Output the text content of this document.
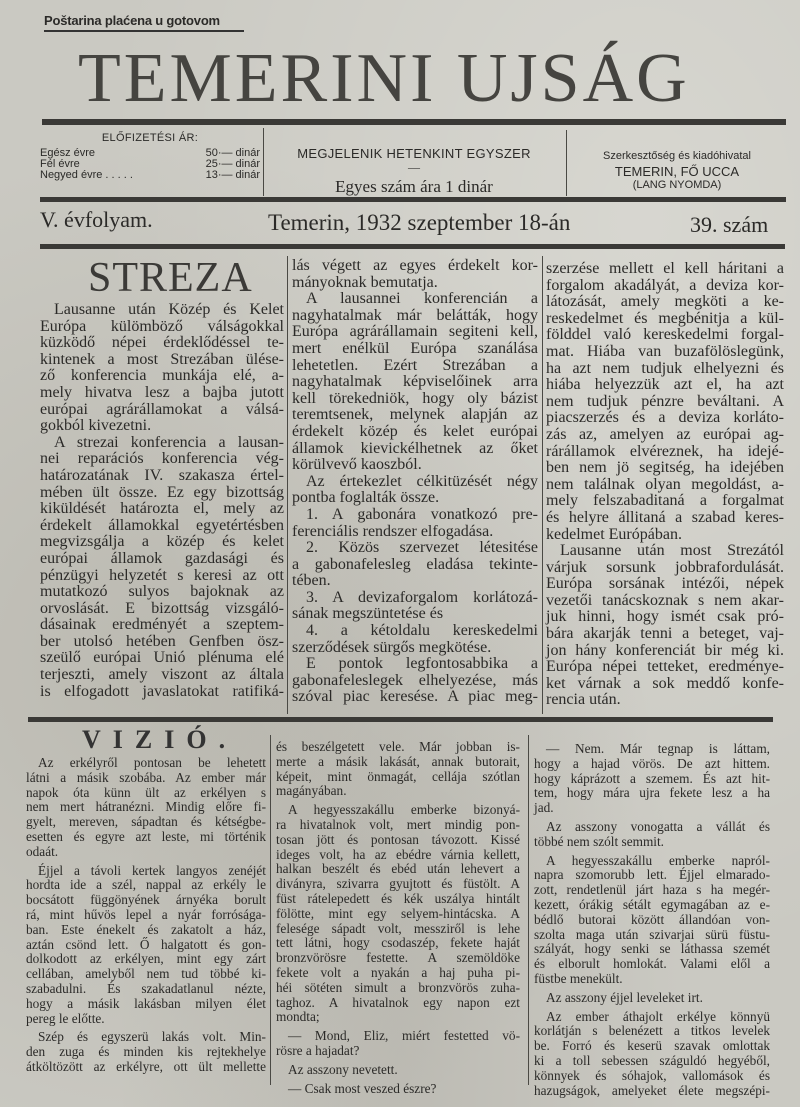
Poštarina plaćena u gotovom
TEMERINI UJSÁG
ELŐFIZETÉSI ÁR:
Egész évre	50·— dinár
Fél évre	25·— dinár
Negyed évre . . . . .	13·— dinár
MEGJELENIK HETENKINT EGYSZER
—
Egyes szám ára 1 dinár
Szerkesztőség és kiadóhivatal
TEMERIN, FŐ UCCA
(LANG NYOMDA)
V. évfolyam.	Temerin, 1932 szeptember 18-án	39. szám
STREZA
Lausanne után Közép és Kelet
Európa külömböző válságokkal
küzködő népei érdeklődéssel te-
kintenek a most Strezában ülése-
ző konferencia munkája elé, a-
mely hivatva lesz a bajba jutott
európai agrárállamokat a válsá-
gokból kivezetni.
A strezai konferencia a lausan-
nei reparációs konferencia vég-
határozatának IV. szakasza értel-
mében ült össze. Ez egy bizottság
kiküldését határozta el, mely az
érdekelt államokkal egyetértésben
megvizsgálja a közép és kelet
európai államok gazdasági és
pénzügyi helyzetét s keresi az ott
mutatkozó sulyos bajoknak az
orvoslását. E bizottság vizsgáló-
dásainak eredményét a szeptem-
ber utolsó hetében Genfben ösz-
szeülő európai Unió plénuma elé
terjeszti, amely viszont az általa
is elfogadott javaslatokat ratifiká-
lás végett az egyes érdekelt kor-
mányoknak bemutatja.
A lausannei konferencián a
nagyhatalmak már belátták, hogy
Európa agrárállamain segiteni kell,
mert enélkül Európa szanálása
lehetetlen. Ezért Strezában a
nagyhatalmak képviselőinek arra
kell törekedniök, hogy oly bázist
teremtsenek, melynek alapján az
érdekelt közép és kelet európai
államok kievickélhetnek az őket
körülvevő kaoszból.
Az értekezlet célkitüzését négy
pontba foglalták össze.
1. A gabonára vonatkozó pre-
ferenciális rendszer elfogadása.
2. Közös szervezet létesitése
a gabonafelesleg eladása tekinte-
tében.
3. A devizaforgalom korlátozá-
sának megszüntetése és
4. a kétoldalu kereskedelmi
szerződések sürgős megkötése.
E pontok legfontosabbika a
gabonafeleslegek elhelyezése, más
szóval piac keresése. A piac meg-
szerzése mellett el kell háritani a
forgalom akadályát, a deviza kor-
látozását, amely megköti a ke-
reskedelmet és megbénitja a kül-
földdel való kereskedelmi forgal-
mat. Hiába van buzafölöslegünk,
ha azt nem tudjuk elhelyezni és
hiába helyezzük azt el, ha azt
nem tudjuk pénzre beváltani. A
piacszerzés és a deviza korláto-
zás az, amelyen az európai ag-
rárállamok elvéreznek, ha idejé-
ben nem jö segitség, ha idejében
nem találnak olyan megoldást, a-
mely felszabaditaná a forgalmat
és helyre állitaná a szabad keres-
kedelmet Európában.
Lausanne után most Strezától
várjuk sorsunk jobbrafordulását.
Európa sorsának intézői, népek
vezetői tanácskoznak s nem akar-
juk hinni, hogy ismét csak pró-
bára akarják tenni a beteget, vaj-
jon hány konferenciát bir még ki.
Európa népei tetteket, eredménye-
ket várnak a sok meddő konfe-
rencia után.
VIZIÓ.
Az erkélyről pontosan be lehetett
látni a másik szobába. Az ember már
napok óta künn ült az erkélyen s
nem mert hátranézni. Mindig előre fi-
gyelt, mereven, sápadtan és kétségbe-
esetten és egyre azt leste, mi történik
odaát.
Éjjel a távoli kertek langyos zenéjét
hordta ide a szél, nappal az erkély le
bocsátott függönyének árnyéka borult
rá, mint hűvös lepel a nyár forrósága-
ban. Este énekelt és zakatolt a ház,
aztán csönd lett. Ő halgatott és gon-
dolkodott az erkélyen, mint egy zárt
cellában, amelyből nem tud többé ki-
szabadulni. És szakadatlanul nézte,
hogy a másik lakásban milyen élet
pereg le előtte.
Szép és egyszerü lakás volt. Min-
den zuga és minden kis rejtekhelye
átköltözött az erkélyre, ott ült mellette
és beszélgetett vele. Már jobban is-
merte a másik lakását, annak butorait,
képeit, mint önmagát, cellája szótlan
magányában.
A hegyesszakállu emberke bizonyá-
ra hivatalnok volt, mert mindig pon-
tosan jött és pontosan távozott. Kissé
ideges volt, ha az ebédre várnia kellett,
halkan beszélt és ebéd után lehevert a
diványra, szivarra gyujtott és füstölt. A
füst rátelepedett és kék uszálya hintált
fölötte, mint egy selyem-hintácska. A
felesége sápadt volt, messziről is lehe
tett látni, hogy csodaszép, fekete haját
bronzvörösre festette. A szemöldöke
fekete volt a nyakán a haj puha pi-
héi sötéten simult a bronzvörös zuha-
taghoz. A hivatalnok egy napon ezt
mondta;
— Mond, Eliz, miért festetted vö-
rösre a hajadat?
Az asszony nevetett.
— Csak most veszed észre?
— Nem. Már tegnap is láttam,
hogy a hajad vörös. De azt hittem.
hogy káprázott a szemem. És azt hit-
tem, hogy mára ujra fekete lesz a ha
jad.
Az asszony vonogatta a vállát és
többé nem szólt semmit.
A hegyesszakállu emberke napról-
napra szomorubb lett. Éjjel elmarado-
zott, rendetlenül járt haza s ha megér-
kezett, órákig sétált egymagában az e-
bédlő butorai között állandóan von-
szolta maga után szivarjai sürü füstu-
szályát, hogy senki se láthassa szemét
és elborult homlokát. Valami elől a
füstbe menekült.
Az asszony éjjel leveleket irt.
Az ember áthajolt erkélye könnyü
korlátján s belenézett a titkos levelek
be. Forró és keserü szavak omlottak
ki a toll sebessen száguldó hegyéből,
könnyek és sóhajok, vallomások és
hazugságok, amelyeket élete megszépi-
